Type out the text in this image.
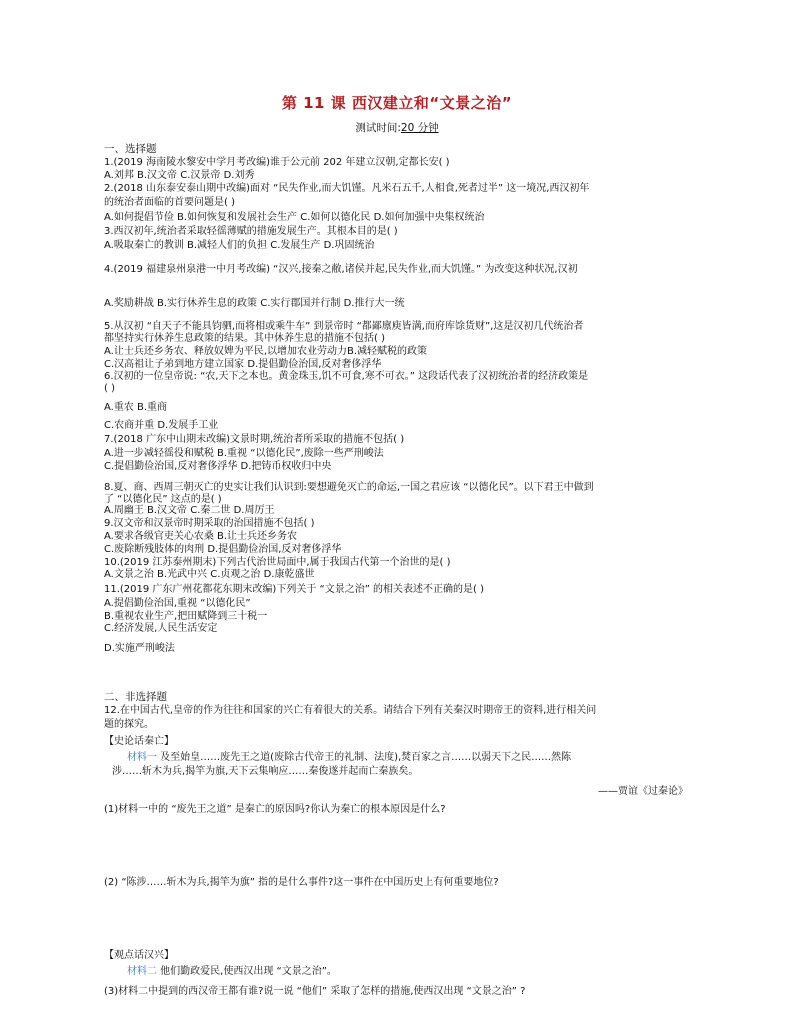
第 11 课 西汉建立和“文景之治”
测试时间:20 分钟
一、选择题
1.(2019 海南陵水黎安中学月考改编)谁于公元前 202 年建立汉朝,定都长安( )
A.刘邦 B.汉文帝 C.汉景帝 D.刘秀
2.(2018 山东泰安泰山期中改编)面对 “民失作业,而大饥馑。凡米石五千,人相食,死者过半” 这一境况,西汉初年
的统治者面临的首要问题是( )
A.如何提倡节俭 B.如何恢复和发展社会生产 C.如何以德化民 D.如何加强中央集权统治
3.西汉初年,统治者采取轻徭薄赋的措施发展生产。其根本目的是( )
A.吸取秦亡的教训 B.减轻人们的负担 C.发展生产 D.巩固统治
4.(2019 福建泉州泉港一中月考改编) “汉兴,接秦之敝,诸侯并起,民失作业,而大饥馑。” 为改变这种状况,汉初
A.奖励耕战 B.实行休养生息的政策 C.实行郡国并行制 D.推行大一统
5.从汉初 “自天子不能具钧驷,而将相或乘牛车” 到景帝时 “都鄙廪庾皆满,而府库馀货财”,这是汉初几代统治者
都坚持实行休养生息政策的结果。其中休养生息的措施不包括( )
A.让士兵还乡务农、释放奴婢为平民,以增加农业劳动力B.减轻赋税的政策
C.汉高祖让子弟到地方建立国家 D.提倡勤俭治国,反对奢侈浮华
6.汉初的一位皇帝说: “农,天下之本也。黄金珠玉,饥不可食,寒不可衣。” 这段话代表了汉初统治者的经济政策是
( )
A.重农 B.重商
C.农商并重 D.发展手工业
7.(2018 广东中山期末改编)文景时期,统治者所采取的措施不包括( )
A.进一步减轻徭役和赋税 B.重视 “以德化民”,废除一些严刑峻法
C.提倡勤俭治国,反对奢侈浮华 D.把铸币权收归中央
8.夏、商、西周三朝灭亡的史实让我们认识到:要想避免灭亡的命运,一国之君应该 “以德化民”。以下君王中做到
了 “以德化民” 这点的是( )
A.周幽王 B.汉文帝 C.秦二世 D.周厉王
9.汉文帝和汉景帝时期采取的治国措施不包括( )
A.要求各级官吏关心农桑 B.让士兵还乡务农
C.废除断残肢体的肉刑 D.提倡勤俭治国,反对奢侈浮华
10.(2019 江苏泰州期末)下列古代治世局面中,属于我国古代第一个治世的是( )
A.文景之治 B.光武中兴 C.贞观之治 D.康乾盛世
11.(2019 广东广州花都花东期末改编)下列关于 “文景之治” 的相关表述不正确的是( )
A.提倡勤俭治国,重视 “以德化民”
B.重视农业生产,把田赋降到三十税一
C.经济发展,人民生活安定
D.实施严刑峻法
二、非选择题
12.在中国古代,皇帝的作为往往和国家的兴亡有着很大的关系。请结合下列有关秦汉时期帝王的资料,进行相关问
题的探究。
【史论话秦亡】
材料一 及至始皇……废先王之道(废除古代帝王的礼制、法度),焚百家之言……以弱天下之民……然陈
涉……斩木为兵,揭竿为旗,天下云集响应……秦俊遂并起而亡秦族矣。
——贾谊《过秦论》
(1)材料一中的 “废先王之道” 是秦亡的原因吗?你认为秦亡的根本原因是什么?
(2) “陈涉……斩木为兵,揭竿为旗” 指的是什么事件?这一事件在中国历史上有何重要地位?
【观点话汉兴】
材料二 他们勤政爱民,使西汉出现 “文景之治”。
(3)材料二中提到的西汉帝王都有谁?说一说 “他们” 采取了怎样的措施,使西汉出现 “文景之治” ?
